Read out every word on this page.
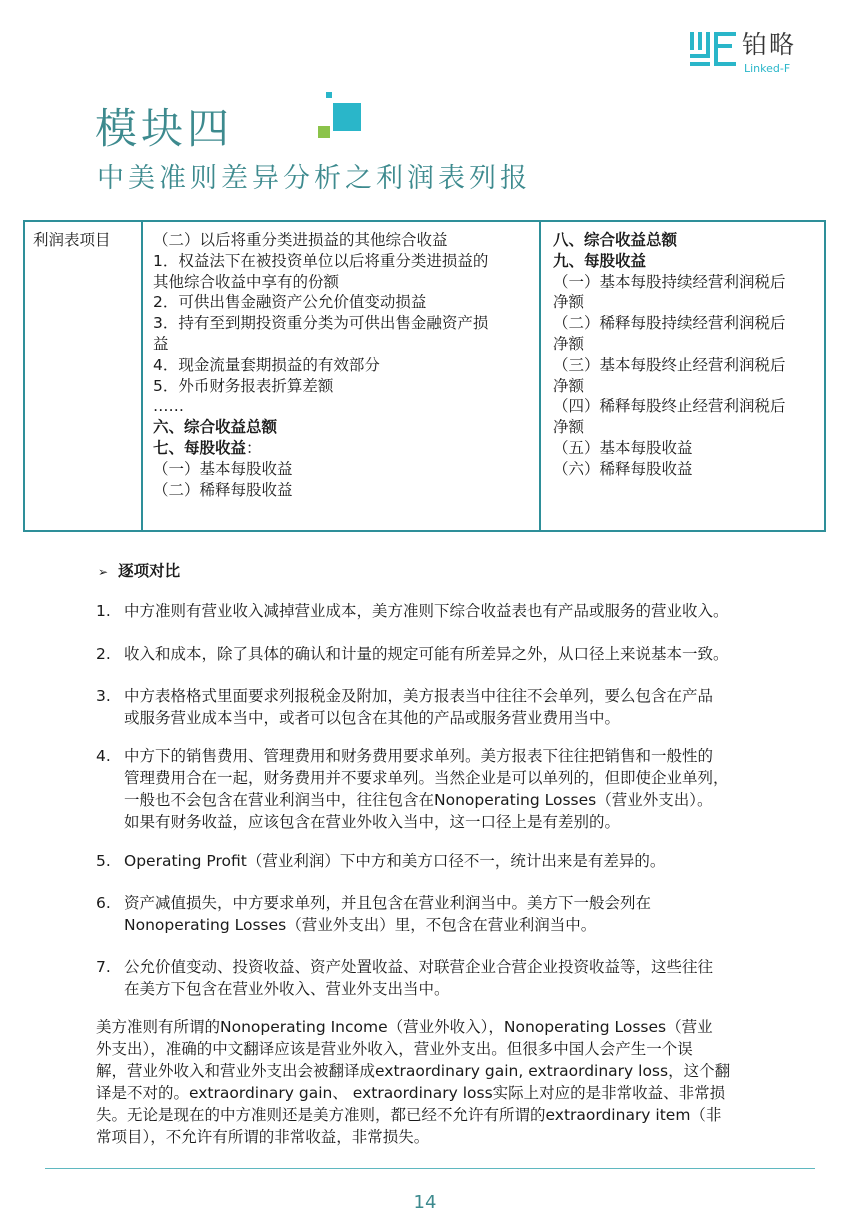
铂略
Linked-F
模块四
中美准则差异分析之利润表列报
利润表项目	（二）以后将重分类进损益的其他综合收益
1．权益法下在被投资单位以后将重分类进损益的
其他综合收益中享有的份额
2．可供出售金融资产公允价值变动损益
3．持有至到期投资重分类为可供出售金融资产损
益
4．现金流量套期损益的有效部分
5．外币财务报表折算差额
……
六、综合收益总额
七、每股收益：
（一）基本每股收益
（二）稀释每股收益
八、综合收益总额
九、每股收益
（一）基本每股持续经营利润税后
净额
（二）稀释每股持续经营利润税后
净额
（三）基本每股终止经营利润税后
净额
（四）稀释每股终止经营利润税后
净额
（五）基本每股收益
（六）稀释每股收益
➢ 逐项对比
1. 中方准则有营业收入减掉营业成本，美方准则下综合收益表也有产品或服务的营业收入。
2. 收入和成本，除了具体的确认和计量的规定可能有所差异之外，从口径上来说基本一致。
3. 中方表格格式里面要求列报税金及附加，美方报表当中往往不会单列，要么包含在产品
或服务营业成本当中，或者可以包含在其他的产品或服务营业费用当中。
4. 中方下的销售费用、管理费用和财务费用要求单列。美方报表下往往把销售和一般性的
管理费用合在一起，财务费用并不要求单列。当然企业是可以单列的，但即使企业单列，
一般也不会包含在营业利润当中，往往包含在Nonoperating Losses（营业外支出）。
如果有财务收益，应该包含在营业外收入当中，这一口径上是有差别的。
5. Operating Profit（营业利润）下中方和美方口径不一，统计出来是有差异的。
6. 资产减值损失，中方要求单列，并且包含在营业利润当中。美方下一般会列在
Nonoperating Losses（营业外支出）里，不包含在营业利润当中。
7. 公允价值变动、投资收益、资产处置收益、对联营企业合营企业投资收益等，这些往往
在美方下包含在营业外收入、营业外支出当中。
美方准则有所谓的Nonoperating Income（营业外收入），Nonoperating Losses（营业
外支出），准确的中文翻译应该是营业外收入，营业外支出。但很多中国人会产生一个误
解，营业外收入和营业外支出会被翻译成extraordinary gain, extraordinary loss，这个翻
译是不对的。extraordinary gain、 extraordinary loss实际上对应的是非常收益、非常损
失。无论是现在的中方准则还是美方准则，都已经不允许有所谓的extraordinary item（非
常项目），不允许有所谓的非常收益，非常损失。
14
